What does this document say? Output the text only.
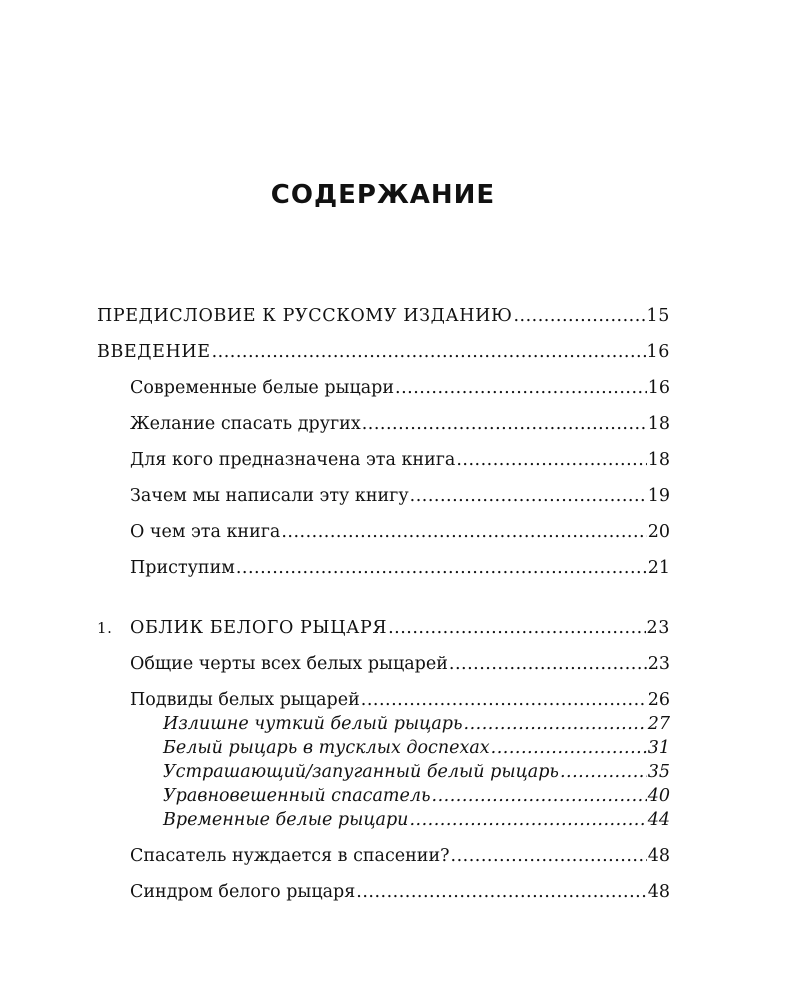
СОДЕРЖАНИЕ
ПРЕДИСЛОВИЕ К РУССКОМУ ИЗДАНИЮ .....	15
ВВЕДЕНИЕ .....	16
Современные белые рыцари .....	16
Желание спасать других .....	18
Для кого предназначена эта книга .....	18
Зачем мы написали эту книгу .....	19
О чем эта книга .....	20
Приступим .....	21
1. ОБЛИК БЕЛОГО РЫЦАРЯ .....	23
Общие черты всех белых рыцарей .....	23
Подвиды белых рыцарей .....	26
Излишне чуткий белый рыцарь .....	27
Белый рыцарь в тусклых доспехах .....	31
Устрашающий/запуганный белый рыцарь .....	35
Уравновешенный спасатель .....	40
Временные белые рыцари .....	44
Спасатель нуждается в спасении? .....	48
Синдром белого рыцаря .....	48
